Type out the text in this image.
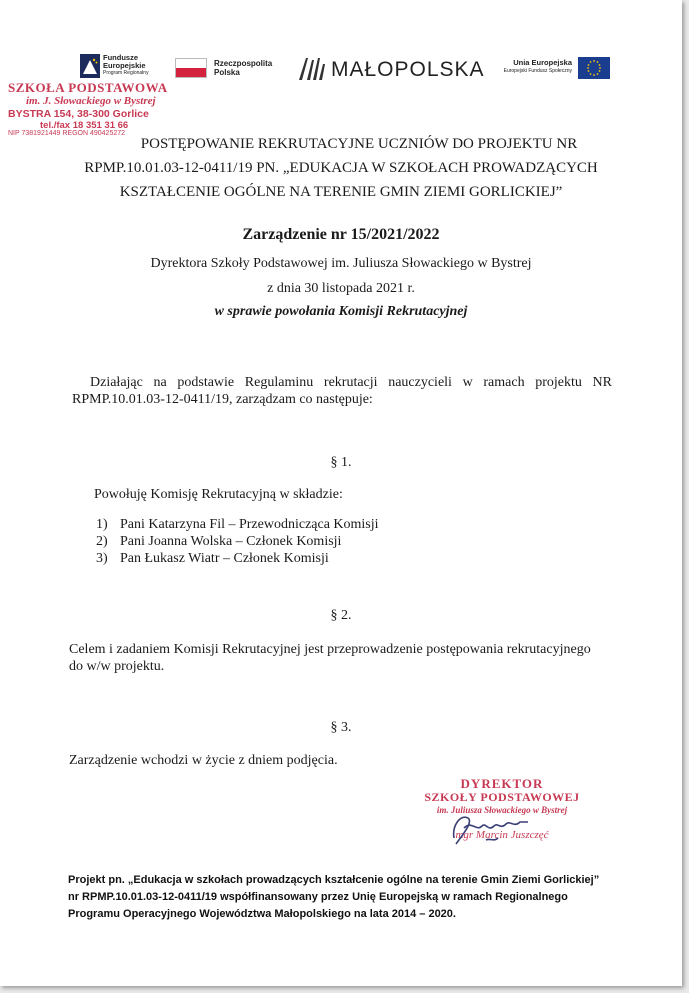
Fundusze
Europejskie
Program Regionalny
Rzeczpospolita
Polska	MAŁOPOLSKA	Unia Europejska
Europejski Fundusz Społeczny
SZKOŁA PODSTAWOWA
im. J. Słowackiego w Bystrej
BYSTRA 154, 38-300 Gorlice
tel./fax 18 351 31 66
NIP 7381921449 REGON 490425272
POSTĘPOWANIE REKRUTACYJNE UCZNIÓW DO PROJEKTU NR
RPMP.10.01.03-12-0411/19 PN. „EDUKACJA W SZKOŁACH PROWADZĄCYCH
KSZTAŁCENIE OGÓLNE NA TERENIE GMIN ZIEMI GORLICKIEJ”
Zarządzenie nr 15/2021/2022
Dyrektora Szkoły Podstawowej im. Juliusza Słowackiego w Bystrej
z dnia 30 listopada 2021 r.
w sprawie powołania Komisji Rekrutacyjnej
Działając na podstawie Regulaminu rekrutacji nauczycieli w ramach projektu NR
RPMP.10.01.03-12-0411/19, zarządzam co następuje:
§ 1.
Powołuję Komisję Rekrutacyjną w składzie:
1) Pani Katarzyna Fil – Przewodnicząca Komisji
2) Pani Joanna Wolska – Członek Komisji
3) Pan Łukasz Wiatr – Członek Komisji
§ 2.
Celem i zadaniem Komisji Rekrutacyjnej jest przeprowadzenie postępowania rekrutacyjnego
do w/w projektu.
§ 3.
Zarządzenie wchodzi w życie z dniem podjęcia.
DYREKTOR
SZKOŁY PODSTAWOWEJ
im. Juliusza Słowackiego w Bystrej
mgr Marcin Juszczęć
Projekt pn. „Edukacja w szkołach prowadzących kształcenie ogólne na terenie Gmin Ziemi Gorlickiej”
nr RPMP.10.01.03-12-0411/19 współfinansowany przez Unię Europejską w ramach Regionalnego
Programu Operacyjnego Województwa Małopolskiego na lata 2014 – 2020.
